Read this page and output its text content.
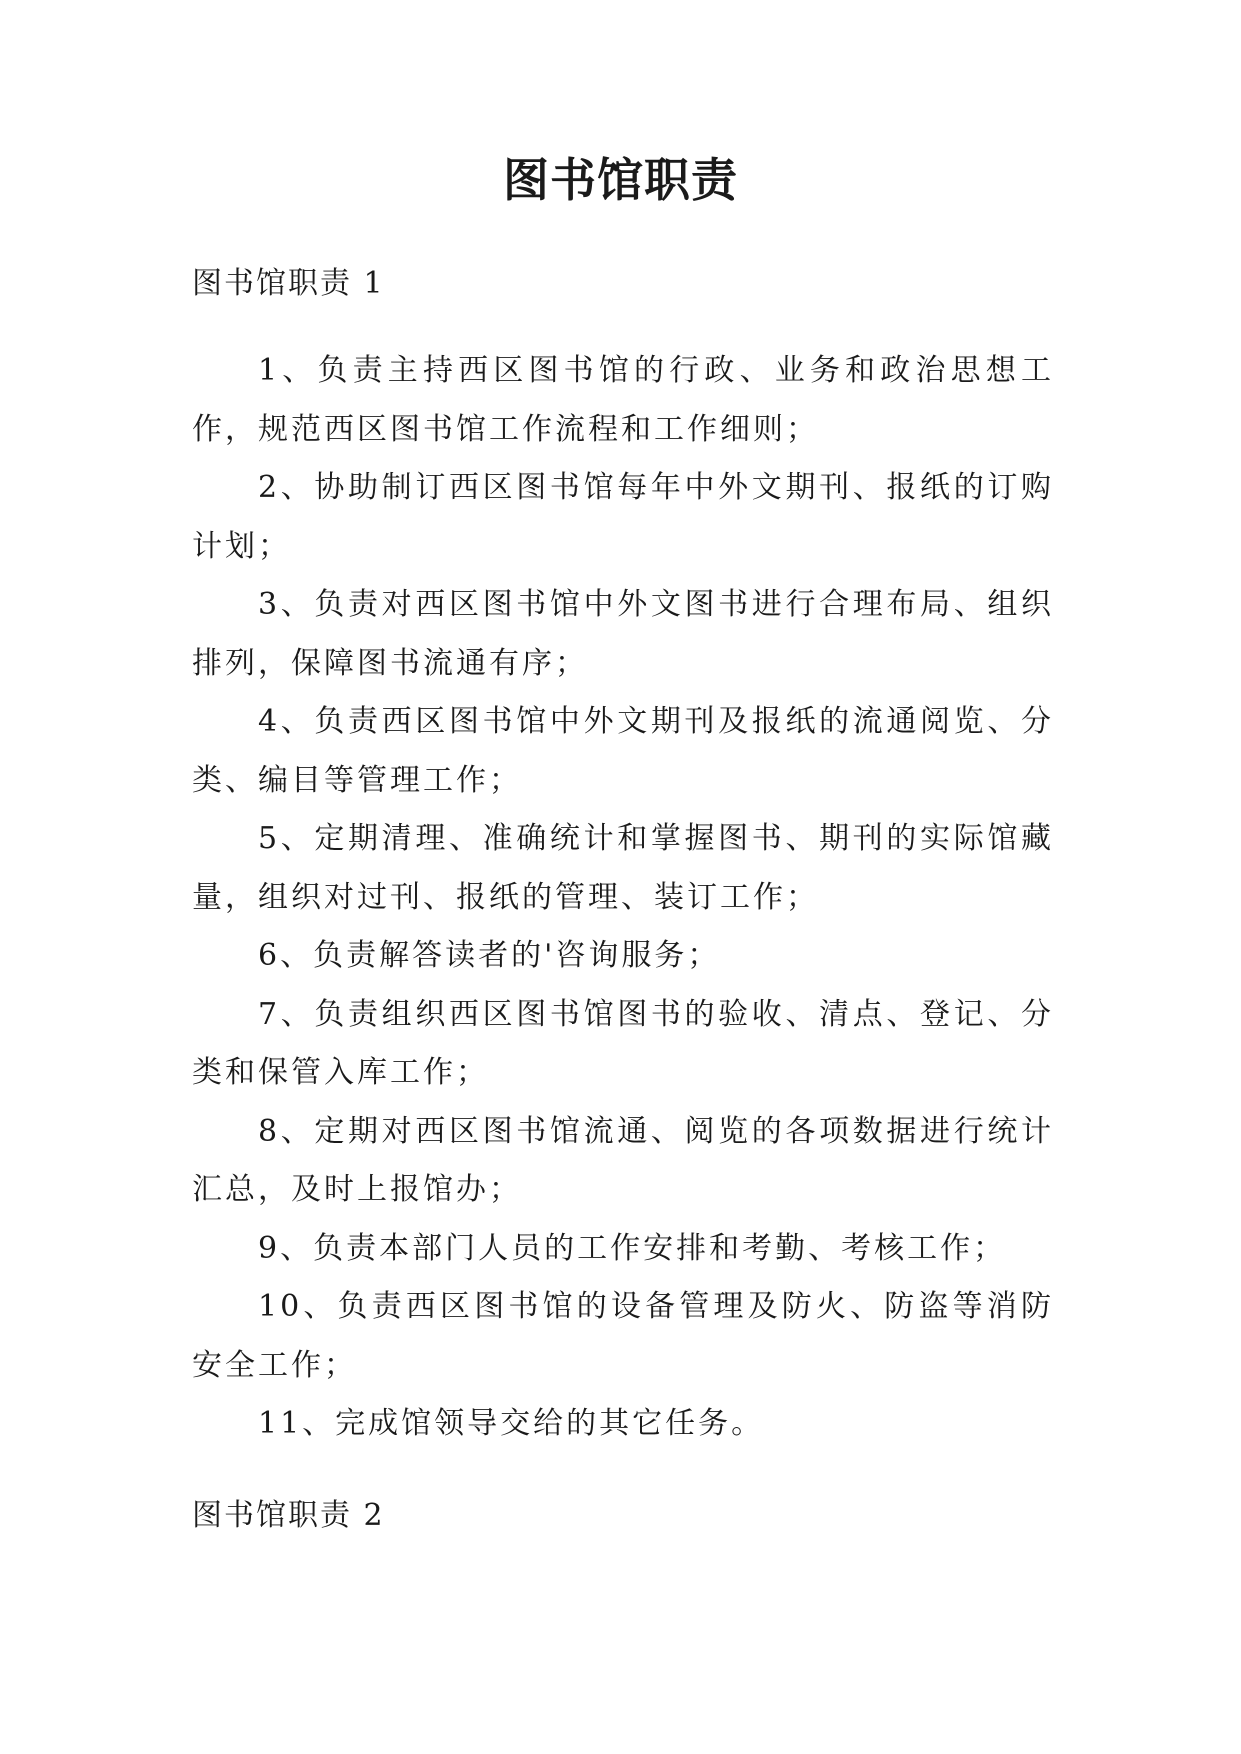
图书馆职责
图书馆职责 1

1、负责主持西区图书馆的行政、业务和政治思想工作，规范西区图书馆工作流程和工作细则；

2、协助制订西区图书馆每年中外文期刊、报纸的订购计划；

3、负责对西区图书馆中外文图书进行合理布局、组织排列，保障图书流通有序；

4、负责西区图书馆中外文期刊及报纸的流通阅览、分类、编目等管理工作；

5、定期清理、准确统计和掌握图书、期刊的实际馆藏量，组织对过刊、报纸的管理、装订工作；

6、负责解答读者的'咨询服务；

7、负责组织西区图书馆图书的验收、清点、登记、分类和保管入库工作；

8、定期对西区图书馆流通、阅览的各项数据进行统计汇总，及时上报馆办；

9、负责本部门人员的工作安排和考勤、考核工作；

10、负责西区图书馆的设备管理及防火、防盗等消防安全工作；

11、完成馆领导交给的其它任务。

图书馆职责 2
